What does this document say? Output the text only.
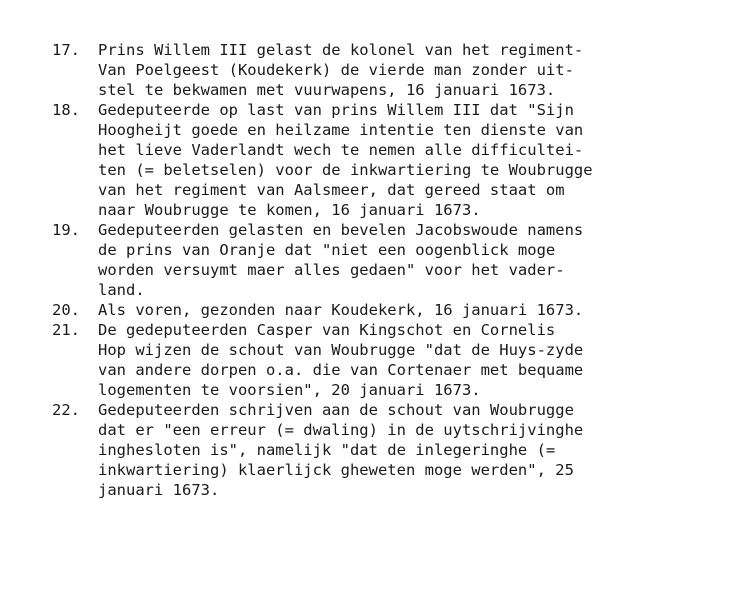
17.	Prins Willem III gelast de kolonel van het regiment-
Van Poelgeest (Koudekerk) de vierde man zonder uit-
stel te bekwamen met vuurwapens, 16 januari 1673.
18.	Gedeputeerde op last van prins Willem III dat "Sijn
Hoogheijt goede en heilzame intentie ten dienste van
het lieve Vaderlandt wech te nemen alle difficultei-
ten (= beletselen) voor de inkwartiering te Woubrugge
van het regiment van Aalsmeer, dat gereed staat om
naar Woubrugge te komen, 16 januari 1673.
19.	Gedeputeerden gelasten en bevelen Jacobswoude namens
de prins van Oranje dat "niet een oogenblick moge
worden versuymt maer alles gedaen" voor het vader-
land.
20.	Als voren, gezonden naar Koudekerk, 16 januari 1673.
21.	De gedeputeerden Casper van Kingschot en Cornelis
Hop wijzen de schout van Woubrugge "dat de Huys-zyde
van andere dorpen o.a. die van Cortenaer met bequame
logementen te voorsien", 20 januari 1673.
22.	Gedeputeerden schrijven aan de schout van Woubrugge
dat er "een erreur (= dwaling) in de uytschrijvinghe
inghesloten is", namelijk "dat de inlegeringhe (=
inkwartiering) klaerlijck gheweten moge werden", 25
januari 1673.
